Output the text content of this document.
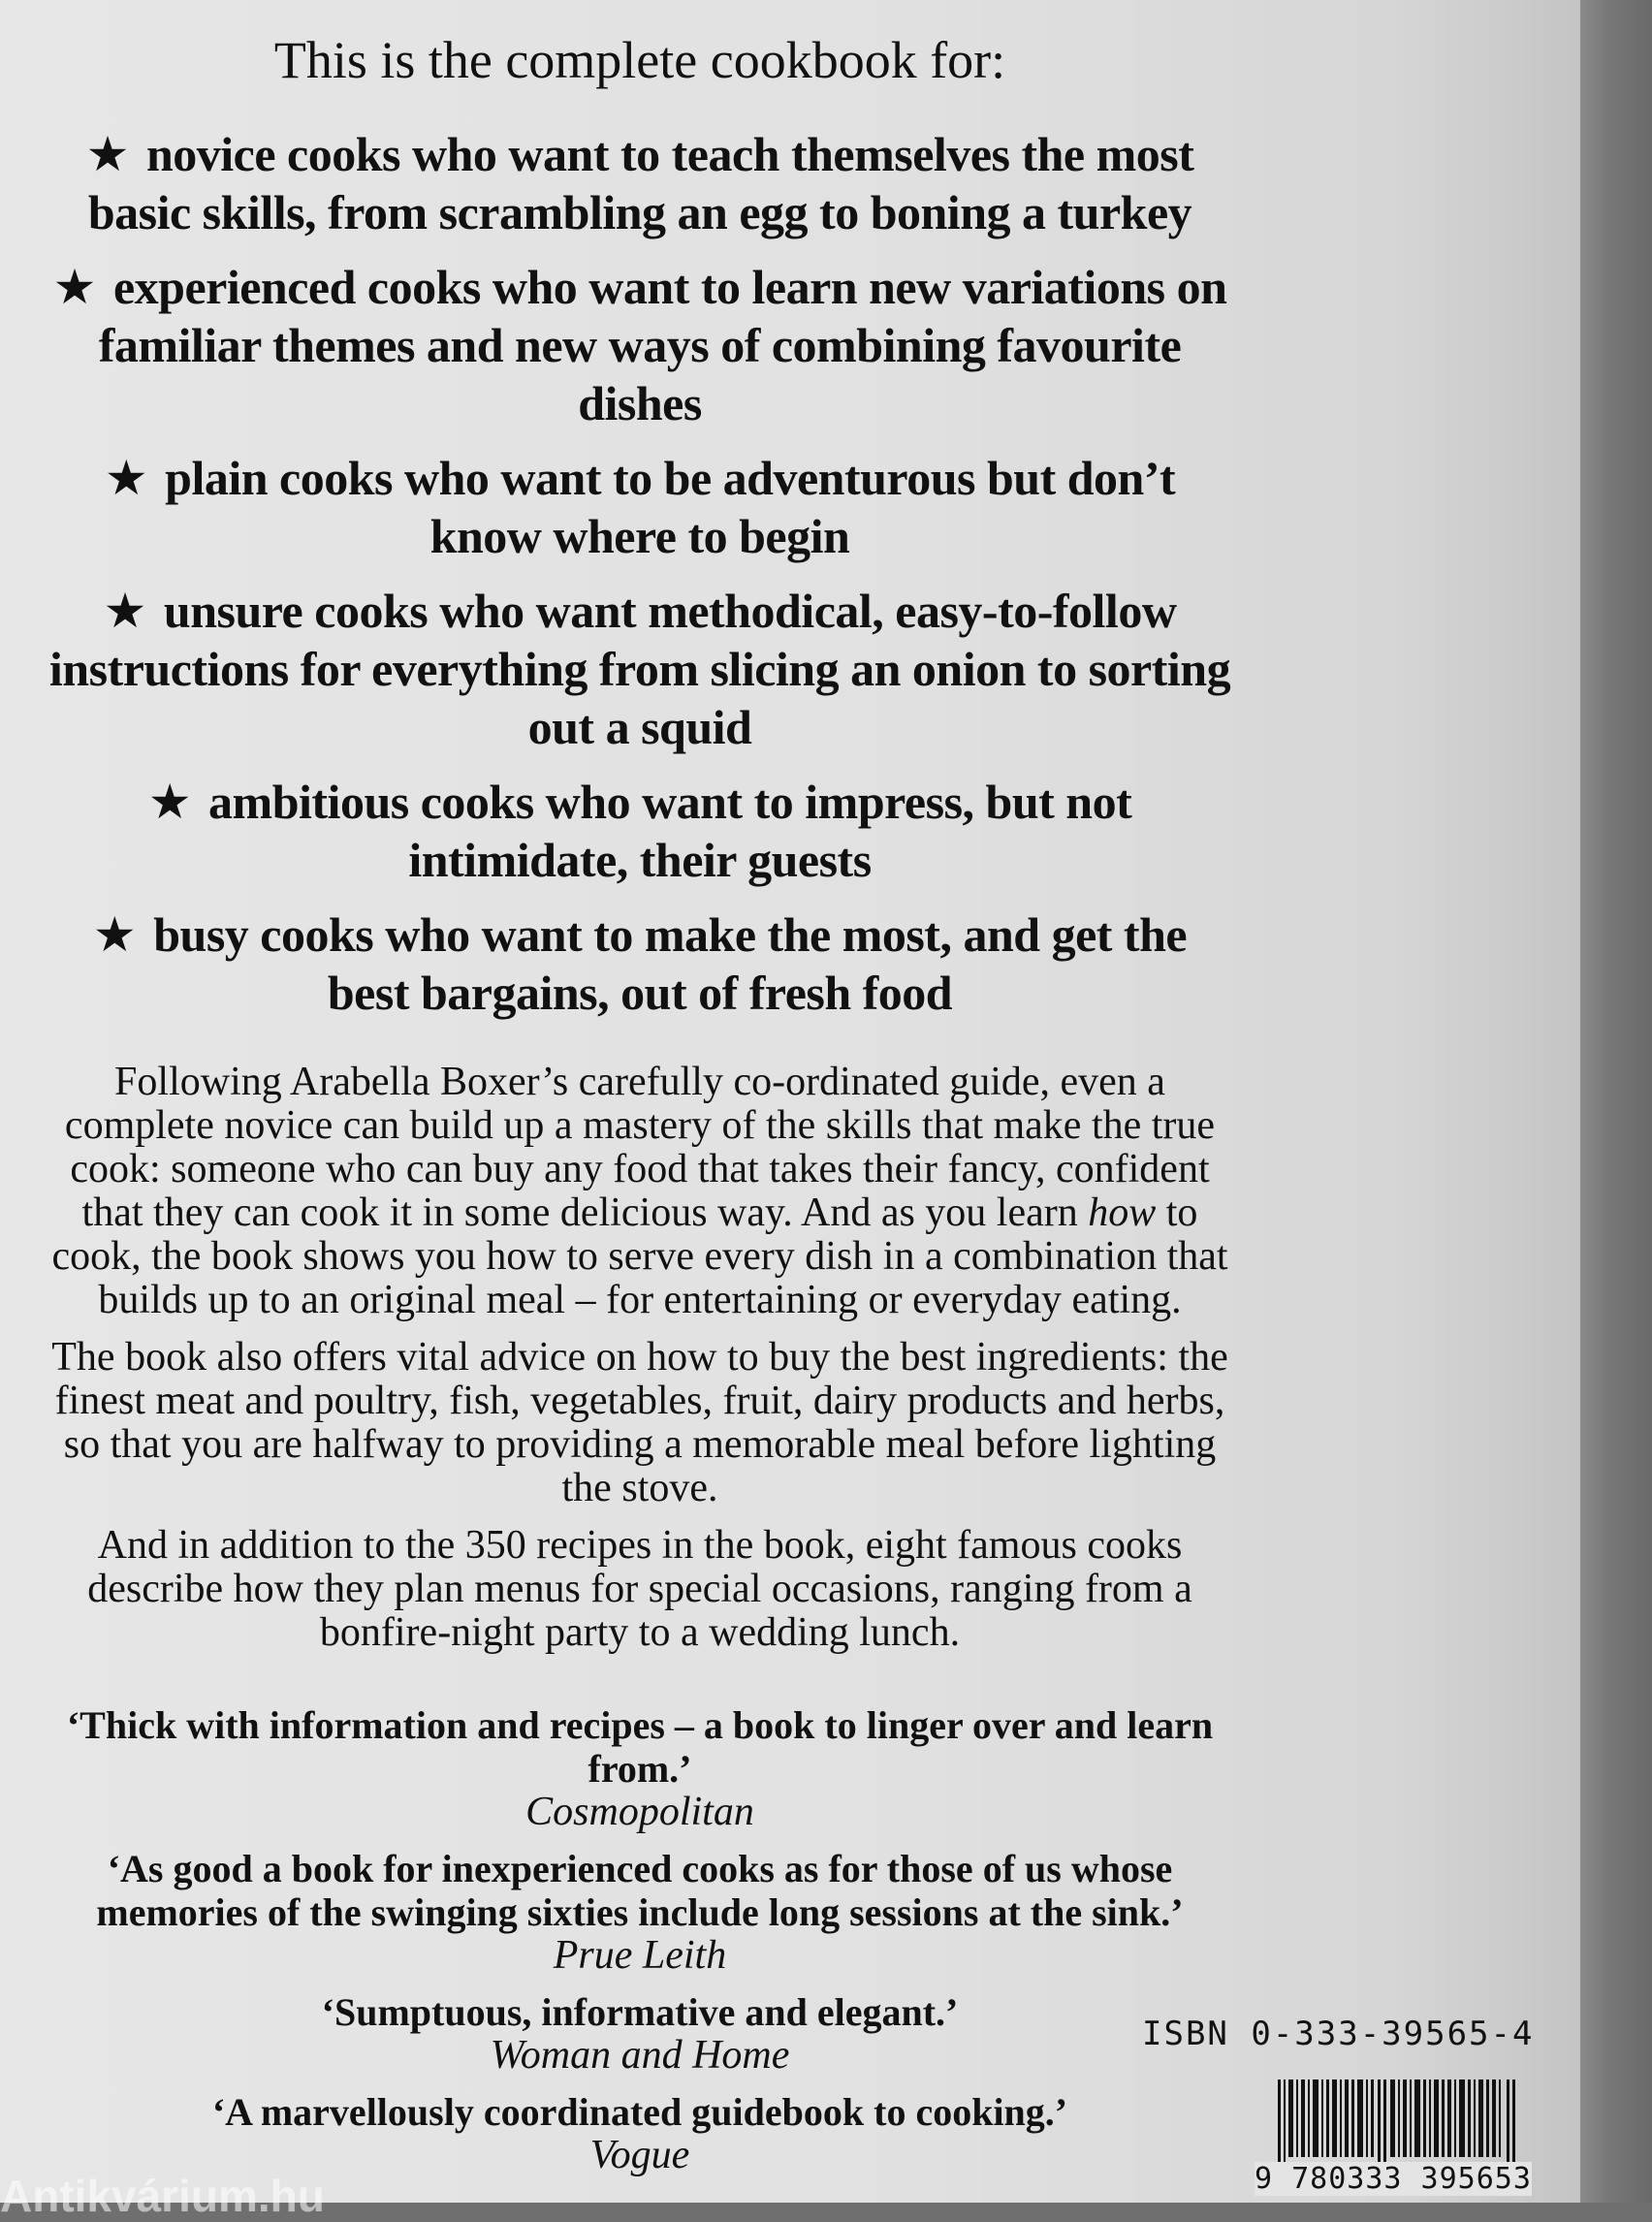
This is the complete cookbook for:
★ novice cooks who want to teach themselves the most basic skills, from scrambling an egg to boning a turkey
★ experienced cooks who want to learn new variations on familiar themes and new ways of combining favourite dishes
★ plain cooks who want to be adventurous but don’t know where to begin
★ unsure cooks who want methodical, easy-to-follow instructions for everything from slicing an onion to sorting out a squid
★ ambitious cooks who want to impress, but not intimidate, their guests
★ busy cooks who want to make the most, and get the best bargains, out of fresh food

Following Arabella Boxer’s carefully co-ordinated guide, even a complete novice can build up a mastery of the skills that make the true cook: someone who can buy any food that takes their fancy, confident that they can cook it in some delicious way. And as you learn how to cook, the book shows you how to serve every dish in a combination that builds up to an original meal – for entertaining or everyday eating.

The book also offers vital advice on how to buy the best ingredients: the finest meat and poultry, fish, vegetables, fruit, dairy products and herbs, so that you are halfway to providing a memorable meal before lighting the stove.

And in addition to the 350 recipes in the book, eight famous cooks describe how they plan menus for special occasions, ranging from a bonfire-night party to a wedding lunch.

‘Thick with information and recipes – a book to linger over and learn from.’
Cosmopolitan
‘As good a book for inexperienced cooks as for those of us whose memories of the swinging sixties include long sessions at the sink.’
Prue Leith
‘Sumptuous, informative and elegant.’
Woman and Home
‘A marvellously coordinated guidebook to cooking.’
Vogue
ISBN 0-333-39565-4
9 780333 395653
Antikvárium.hu
